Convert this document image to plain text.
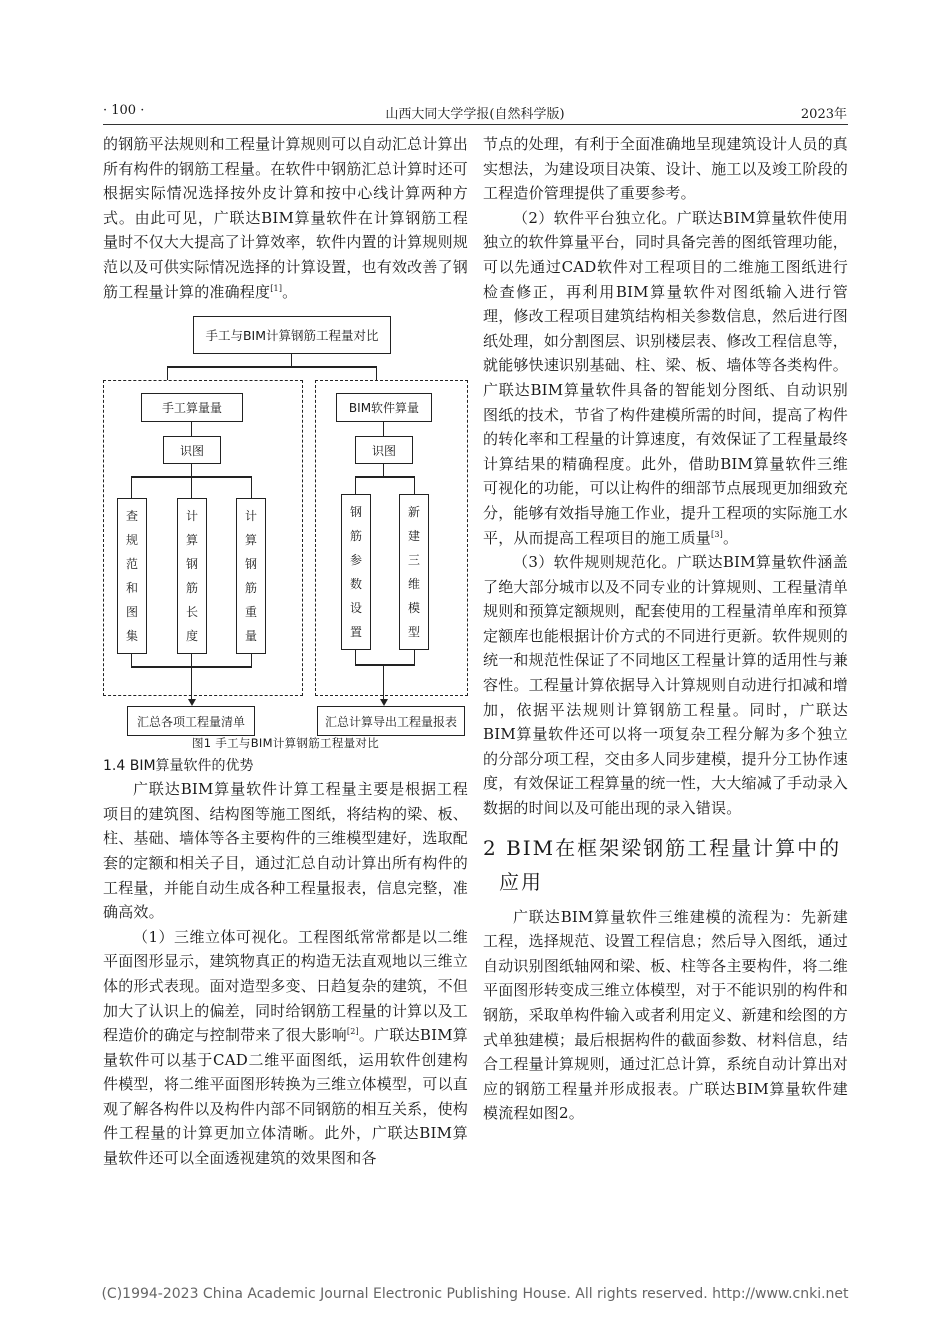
· 100 ·	山西大同大学学报(自然科学版)	2023年

的钢筋平法规则和工程量计算规则可以自动汇总计算出所有构件的钢筋工程量。在软件中钢筋汇总计算时还可根据实际情况选择按外皮计算和按中心线计算两种方式。由此可见，广联达BIM算量软件在计算钢筋工程量时不仅大大提高了计算效率，软件内置的计算规则规范以及可供实际情况选择的计算设置，也有效改善了钢筋工程量计算的准确程度[1]。

手工与BIM计算钢筋工程量对比
手工算量量
识图
查
规
范
和
图
集
计
算
钢
筋
长
度
计
算
钢
筋
重
量
汇总各项工程量清单
BIM软件算量
识图
钢
筋
参
数
设
置
新
建
三
维
模
型
汇总计算导出工程量报表

图1 手工与BIM计算钢筋工程量对比

1.4 BIM算量软件的优势

广联达BIM算量软件计算工程量主要是根据工程项目的建筑图、结构图等施工图纸，将结构的梁、板、柱、基础、墙体等各主要构件的三维模型建好，选取配套的定额和相关子目，通过汇总自动计算出所有构件的工程量，并能自动生成各种工程量报表，信息完整，准确高效。

（1）三维立体可视化。工程图纸常常都是以二维平面图形显示，建筑物真正的构造无法直观地以三维立体的形式表现。面对造型多变、日趋复杂的建筑，不但加大了认识上的偏差，同时给钢筋工程量的计算以及工程造价的确定与控制带来了很大影响[2]。广联达BIM算量软件可以基于CAD二维平面图纸，运用软件创建构件模型，将二维平面图形转换为三维立体模型，可以直观了解各构件以及构件内部不同钢筋的相互关系，使构件工程量的计算更加立体清晰。此外，广联达BIM算量软件还可以全面透视建筑的效果图和各

节点的处理，有利于全面准确地呈现建筑设计人员的真实想法，为建设项目决策、设计、施工以及竣工阶段的工程造价管理提供了重要参考。

（2）软件平台独立化。广联达BIM算量软件使用独立的软件算量平台，同时具备完善的图纸管理功能，可以先通过CAD软件对工程项目的二维施工图纸进行检查修正，再利用BIM算量软件对图纸输入进行管理，修改工程项目建筑结构相关参数信息，然后进行图纸处理，如分割图层、识别楼层表、修改工程信息等，就能够快速识别基础、柱、梁、板、墙体等各类构件。广联达BIM算量软件具备的智能划分图纸、自动识别图纸的技术，节省了构件建模所需的时间，提高了构件的转化率和工程量的计算速度，有效保证了工程量最终计算结果的精确程度。此外，借助BIM算量软件三维可视化的功能，可以让构件的细部节点展现更加细致充分，能够有效指导施工作业，提升工程项的实际施工水平，从而提高工程项目的施工质量[3]。

（3）软件规则规范化。广联达BIM算量软件涵盖了绝大部分城市以及不同专业的计算规则、工程量清单规则和预算定额规则，配套使用的工程量清单库和预算定额库也能根据计价方式的不同进行更新。软件规则的统一和规范性保证了不同地区工程量计算的适用性与兼容性。工程量计算依据导入计算规则自动进行扣减和增加，依据平法规则计算钢筋工程量。同时，广联达BIM算量软件还可以将一项复杂工程分解为多个独立的分部分项工程，交由多人同步建模，提升分工协作速度，有效保证工程算量的统一性，大大缩减了手动录入数据的时间以及可能出现的录入错误。

2 BIM在框架梁钢筋工程量计算中的
应用

广联达BIM算量软件三维建模的流程为：先新建工程，选择规范、设置工程信息；然后导入图纸，通过自动识别图纸轴网和梁、板、柱等各主要构件，将二维平面图形转变成三维立体模型，对于不能识别的构件和钢筋，采取单构件输入或者利用定义、新建和绘图的方式单独建模；最后根据构件的截面参数、材料信息，结合工程量计算规则，通过汇总计算，系统自动计算出对应的钢筋工程量并形成报表。广联达BIM算量软件建模流程如图2。

(C)1994-2023 China Academic Journal Electronic Publishing House. All rights reserved. http://www.cnki.net
